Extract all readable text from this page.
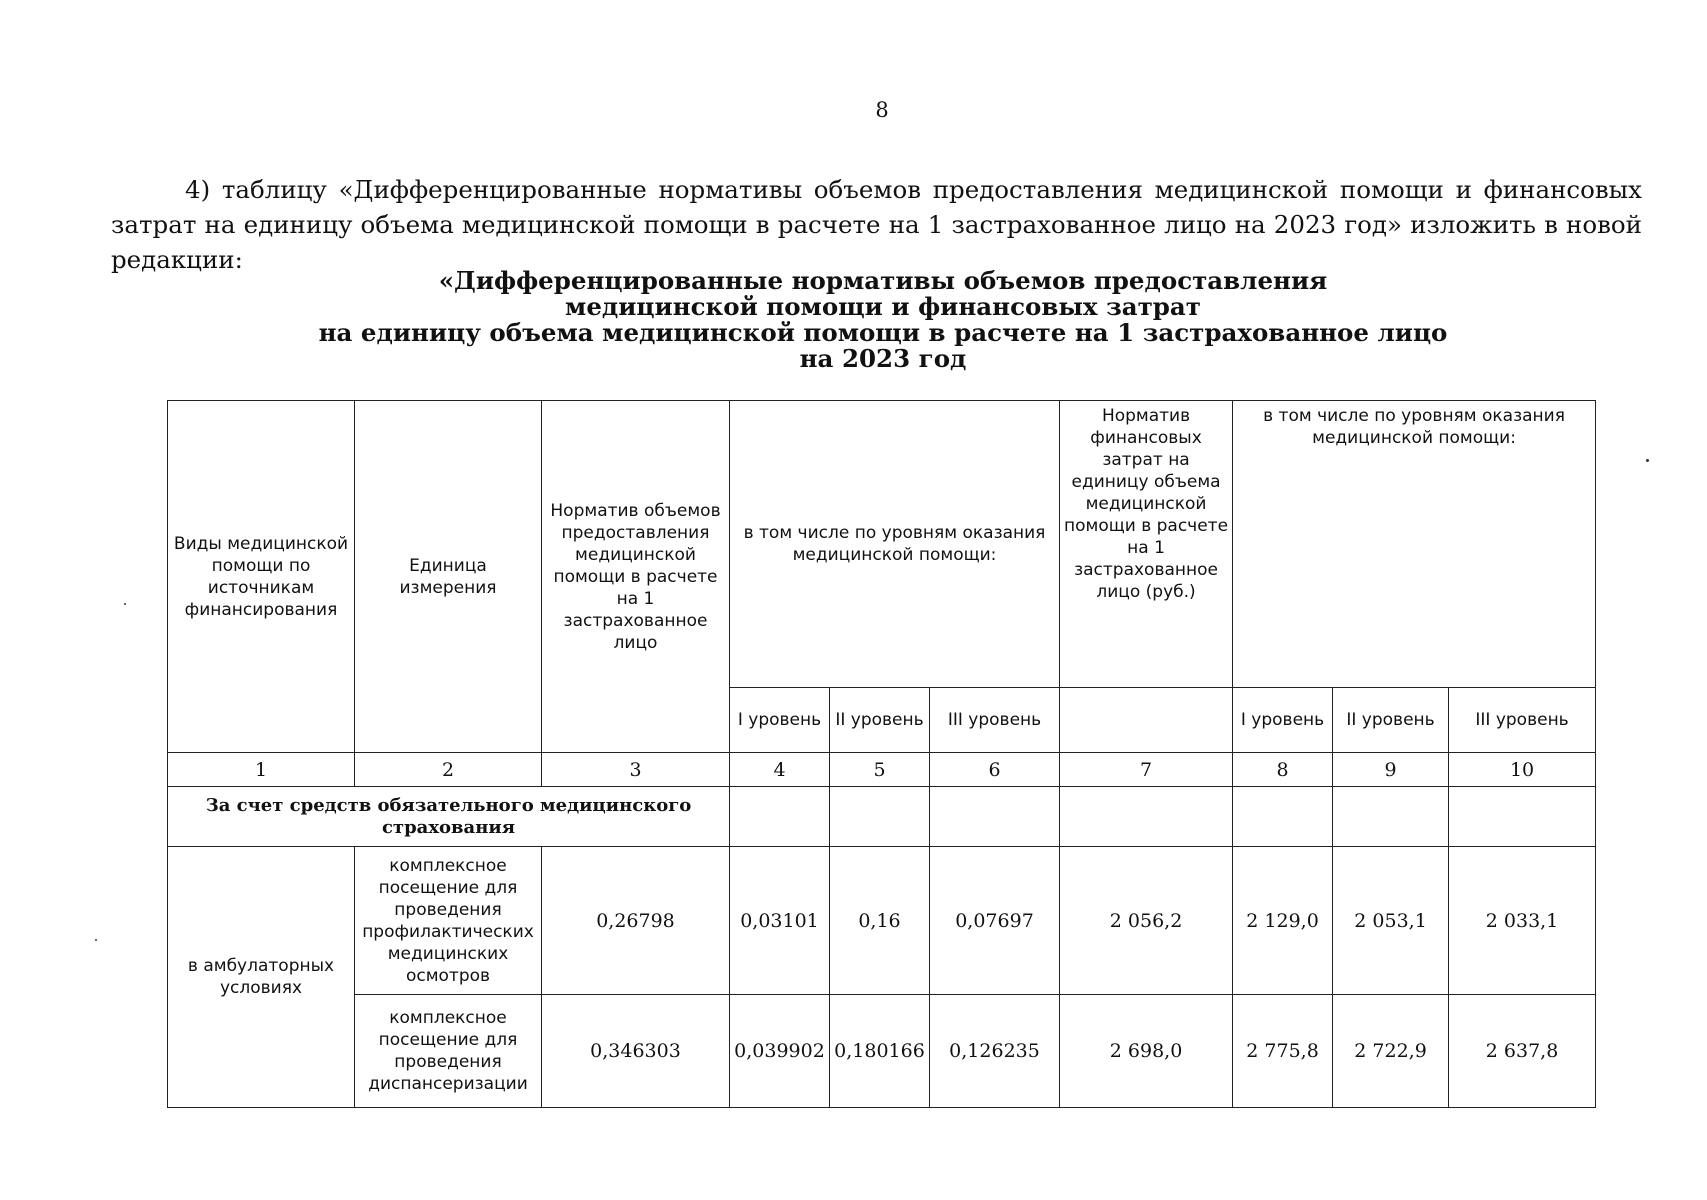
8
4) таблицу «Дифференцированные нормативы объемов предоставления медицинской помощи и финансовых затрат на единицу объема медицинской помощи в расчете на 1 застрахованное лицо на 2023 год» изложить в новой редакции:
«Дифференцированные нормативы объемов предоставления
медицинской помощи и финансовых затрат
на единицу объема медицинской помощи в расчете на 1 застрахованное лицо
на 2023 год
Виды медицинской помощи по источникам финансирования	Единица измерения	Норматив объемов предоставления медицинской помощи в расчете на 1 застрахованное лицо	в том числе по уровням оказания медицинской помощи:			Норматив финансовых затрат на единицу объема медицинской помощи в расчете на 1 застрахованное лицо (руб.)	в том числе по уровням оказания медицинской помощи:		
			I уровень	II уровень	III уровень		I уровень	II уровень	III уровень
1	2	3	4	5	6	7	8	9	10
За счет средств обязательного медицинского страхования									
в амбулаторных условиях	комплексное посещение для проведения профилактических медицинских осмотров	0,26798	0,03101	0,16	0,07697	2 056,2	2 129,0	2 053,1	2 033,1
	комплексное посещение для проведения диспансеризации	0,346303	0,039902	0,180166	0,126235	2 698,0	2 775,8	2 722,9	2 637,8
